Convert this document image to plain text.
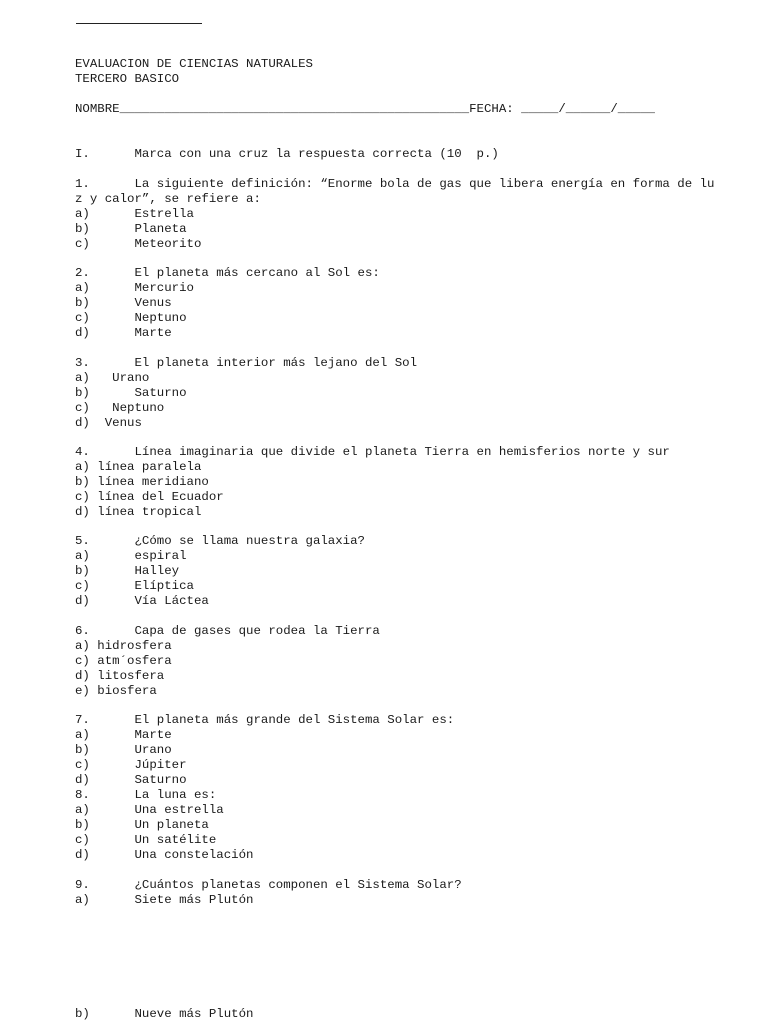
EVALUACION DE CIENCIAS NATURALES
TERCERO BASICO
NOMBRE_______________________________________________FECHA: _____/______/_____
I.      Marca con una cruz la respuesta correcta (10  p.)
1.      La siguiente definición: “Enorme bola de gas que libera energía en forma de lu
z y calor”, se refiere a:
a)      Estrella
b)      Planeta
c)      Meteorito
2.      El planeta más cercano al Sol es:
a)      Mercurio
b)      Venus
c)      Neptuno
d)      Marte
3.      El planeta interior más lejano del Sol
a)   Urano
b)      Saturno
c)   Neptuno
d)  Venus
4.      Línea imaginaria que divide el planeta Tierra en hemisferios norte y sur
a) línea paralela
b) línea meridiano
c) línea del Ecuador
d) línea tropical
5.      ¿Cómo se llama nuestra galaxia?
a)      espiral
b)      Halley
c)      Elíptica
d)      Vía Láctea
6.      Capa de gases que rodea la Tierra
a) hidrosfera
c) atm´osfera
d) litosfera
e) biosfera
7.      El planeta más grande del Sistema Solar es:
a)      Marte
b)      Urano
c)      Júpiter
d)      Saturno
8.      La luna es:
a)      Una estrella
b)      Un planeta
c)      Un satélite
d)      Una constelación
9.      ¿Cuántos planetas componen el Sistema Solar?
a)      Siete más Plutón
b)      Nueve más Plutón
